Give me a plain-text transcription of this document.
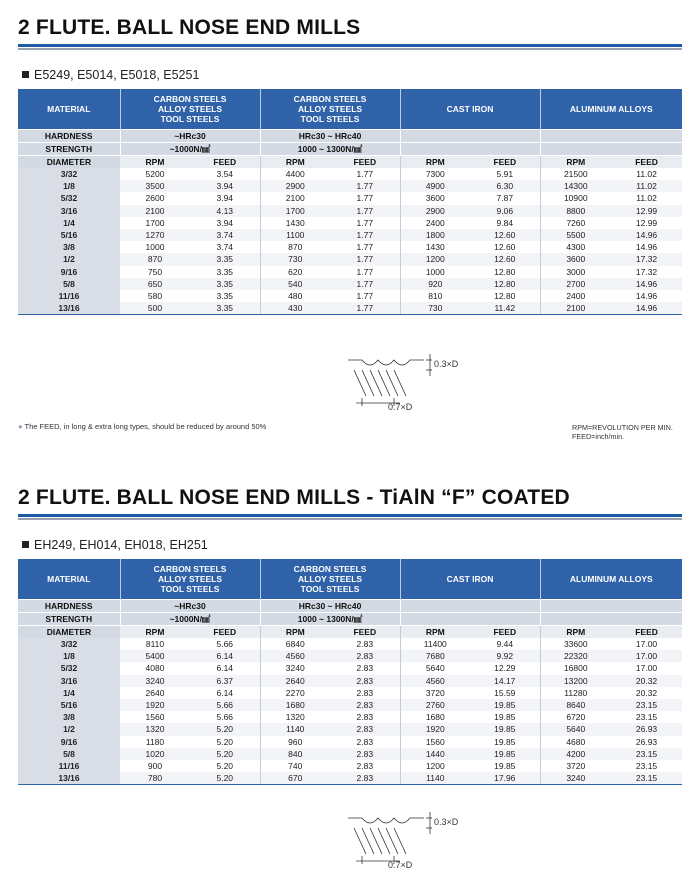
2 FLUTE. BALL NOSE END MILLS
E5249, E5014, E5018, E5251
MATERIAL	CARBON STEELS
ALLOY STEELS
TOOL STEELS		CARBON STEELS
ALLOY STEELS
TOOL STEELS		CAST IRON		ALUMINUM ALLOYS	
HARDNESS	~HRc30		HRc30 ~ HRc40					
STRENGTH	~1000N/㎟		1000 ~ 1300N/㎟					
DIAMETER	RPM	FEED	RPM	FEED	RPM	FEED	RPM	FEED
3/32	5200	3.54	4400	1.77	7300	5.91	21500	11.02
1/8	3500	3.94	2900	1.77	4900	6.30	14300	11.02
5/32	2600	3.94	2100	1.77	3600	7.87	10900	11.02
3/16	2100	4.13	1700	1.77	2900	9.06	8800	12.99
1/4	1700	3.94	1430	1.77	2400	9.84	7260	12.99
5/16	1270	3.74	1100	1.77	1800	12.60	5500	14.96
3/8	1000	3.74	870	1.77	1430	12.60	4300	14.96
1/2	870	3.35	730	1.77	1200	12.60	3600	17.32
9/16	750	3.35	620	1.77	1000	12.80	3000	17.32
5/8	650	3.35	540	1.77	920	12.80	2700	14.96
11/16	580	3.35	480	1.77	810	12.80	2400	14.96
13/16	500	3.35	430	1.77	730	11.42	2100	14.96
0.3×D
0.7×D
● The FEED, in long & extra long types, should be reduced by around 50%	RPM=REVOLUTION PER MIN.
FEED=inch/min.
2 FLUTE. BALL NOSE END MILLS - TiAlN “F” COATED
EH249, EH014, EH018, EH251
MATERIAL	CARBON STEELS
ALLOY STEELS
TOOL STEELS		CARBON STEELS
ALLOY STEELS
TOOL STEELS		CAST IRON		ALUMINUM ALLOYS	
HARDNESS	~HRc30		HRc30 ~ HRc40					
STRENGTH	~1000N/㎟		1000 ~ 1300N/㎟					
DIAMETER	RPM	FEED	RPM	FEED	RPM	FEED	RPM	FEED
3/32	8110	5.66	6840	2.83	11400	9.44	33600	17.00
1/8	5400	6.14	4560	2.83	7680	9.92	22320	17.00
5/32	4080	6.14	3240	2.83	5640	12.29	16800	17.00
3/16	3240	6.37	2640	2.83	4560	14.17	13200	20.32
1/4	2640	6.14	2270	2.83	3720	15.59	11280	20.32
5/16	1920	5.66	1680	2.83	2760	19.85	8640	23.15
3/8	1560	5.66	1320	2.83	1680	19.85	6720	23.15
1/2	1320	5.20	1140	2.83	1920	19.85	5640	26.93
9/16	1180	5.20	960	2.83	1560	19.85	4680	26.93
5/8	1020	5.20	840	2.83	1440	19.85	4200	23.15
11/16	900	5.20	740	2.83	1200	19.85	3720	23.15
13/16	780	5.20	670	2.83	1140	17.96	3240	23.15
0.3×D
0.7×D
